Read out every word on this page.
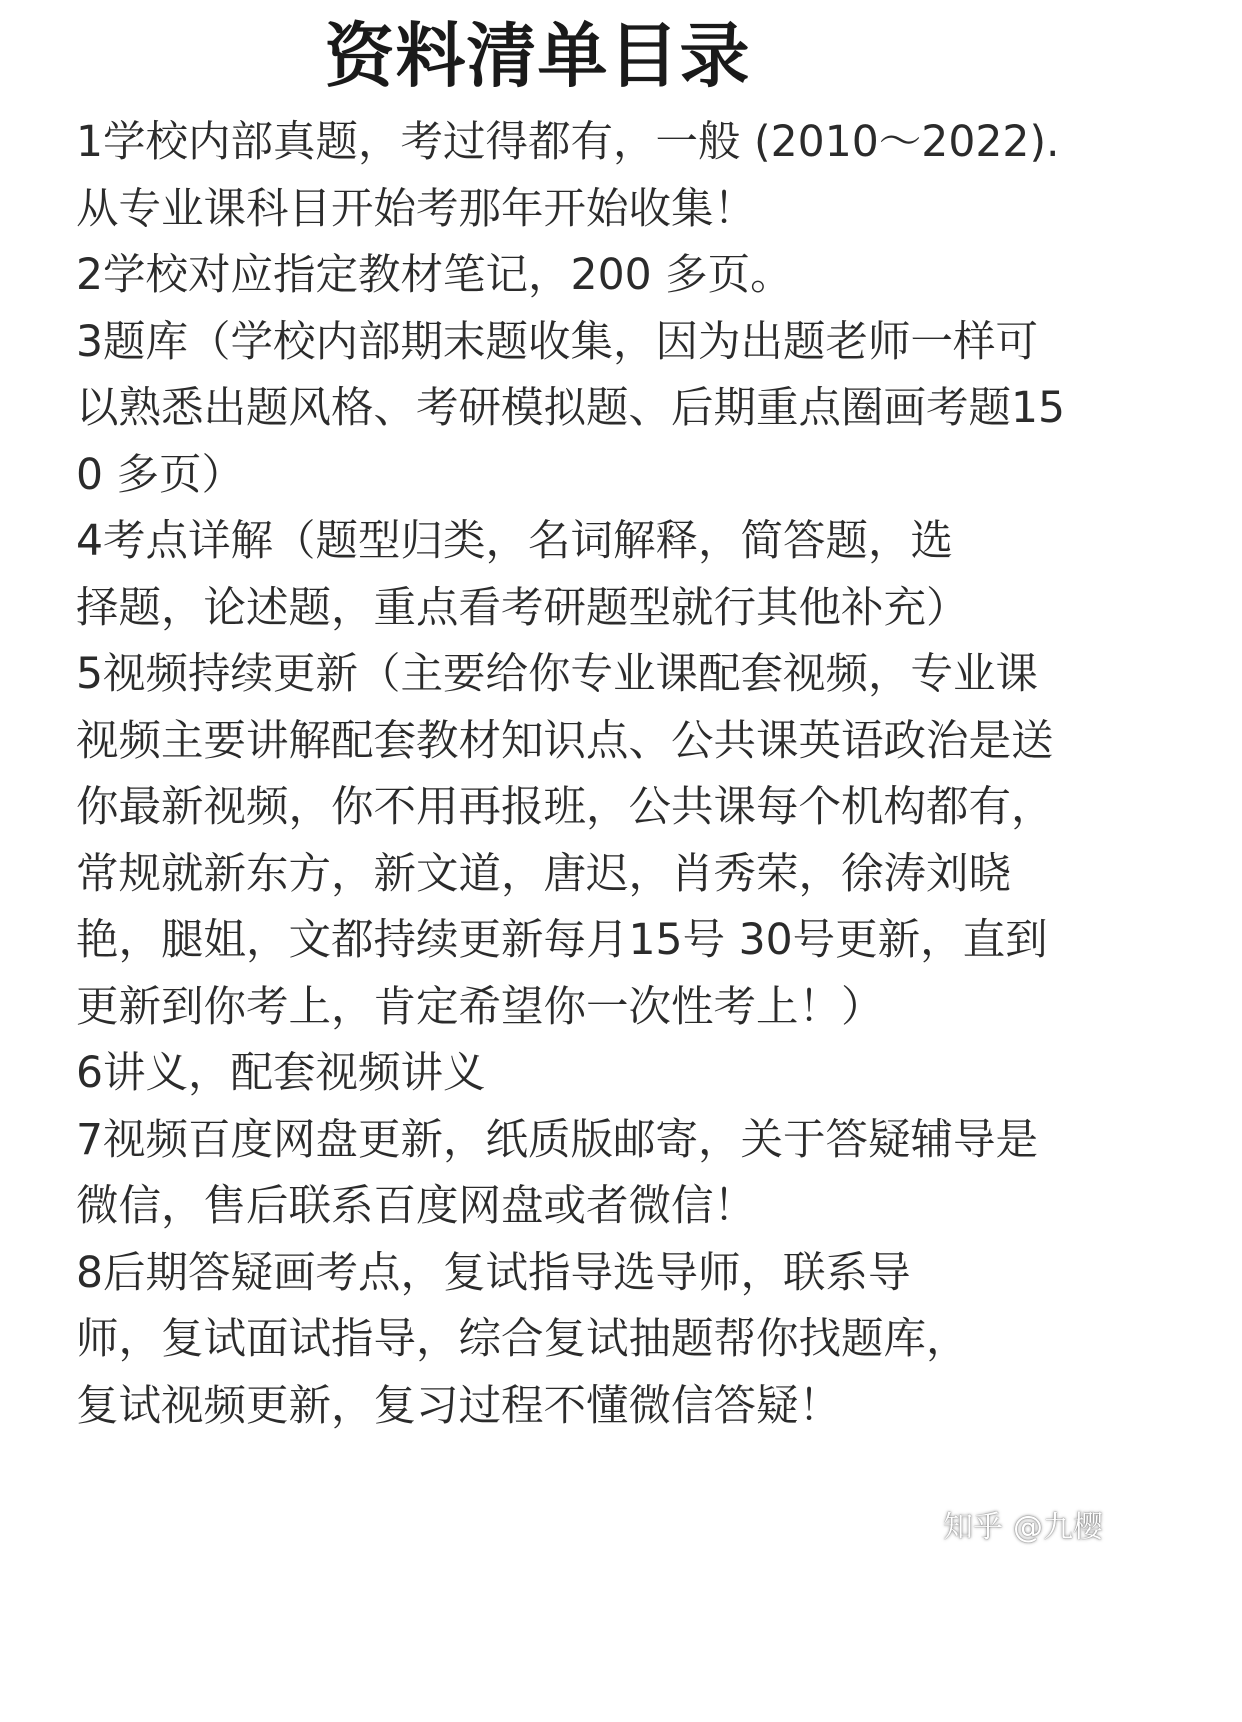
资料清单目录
1学校内部真题，考过得都有，一般 (2010～2022).从专业课科目开始考那年开始收集！
2学校对应指定教材笔记，200 多页。
3题库（学校内部期末题收集，因为出题老师一样可以熟悉出题风格、考研模拟题、后期重点圈画考题150 多页）
4考点详解（题型归类，名词解释，简答题，选择题，论述题，重点看考研题型就行其他补充）
5视频持续更新（主要给你专业课配套视频，专业课视频主要讲解配套教材知识点、公共课英语政治是送你最新视频，你不用再报班，公共课每个机构都有，常规就新东方，新文道，唐迟，肖秀荣，徐涛刘晓艳，腿姐，文都持续更新每月15号 30号更新，直到更新到你考上，肯定希望你一次性考上！）
6讲义，配套视频讲义
7视频百度网盘更新，纸质版邮寄，关于答疑辅导是微信，售后联系百度网盘或者微信！
8后期答疑画考点，复试指导选导师，联系导师，复试面试指导，综合复试抽题帮你找题库，复试视频更新，复习过程不懂微信答疑！
知乎 @九樱
